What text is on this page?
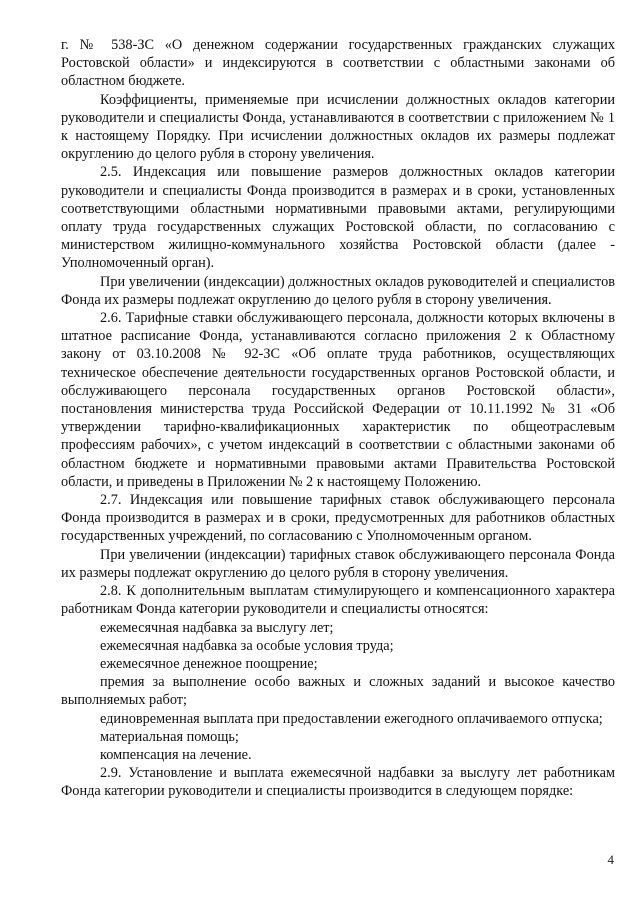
г. № 538-ЗС «О денежном содержании государственных гражданских служащих Ростовской области» и индексируются в соответствии с областными законами об областном бюджете.

Коэффициенты, применяемые при исчислении должностных окладов категории руководители и специалисты Фонда, устанавливаются в соответствии с приложением № 1 к настоящему Порядку. При исчислении должностных окладов их размеры подлежат округлению до целого рубля в сторону увеличения.

2.5. Индексация или повышение размеров должностных окладов категории руководители и специалисты Фонда производится в размерах и в сроки, установленных соответствующими областными нормативными правовыми актами, регулирующими оплату труда государственных служащих Ростовской области, по согласованию с министерством жилищно-коммунального хозяйства Ростовской области (далее - Уполномоченный орган).

При увеличении (индексации) должностных окладов руководителей и специалистов Фонда их размеры подлежат округлению до целого рубля в сторону увеличения.

2.6. Тарифные ставки обслуживающего персонала, должности которых включены в штатное расписание Фонда, устанавливаются согласно приложения 2 к Областному закону от 03.10.2008 № 92-ЗС «Об оплате труда работников, осуществляющих техническое обеспечение деятельности государственных органов Ростовской области, и обслуживающего персонала государственных органов Ростовской области», постановления министерства труда Российской Федерации от 10.11.1992 № 31 «Об утверждении тарифно-квалификационных характеристик по общеотраслевым профессиям рабочих», с учетом индексаций в соответствии с областными законами об областном бюджете и нормативными правовыми актами Правительства Ростовской области, и приведены в Приложении № 2 к настоящему Положению.

2.7. Индексация или повышение тарифных ставок обслуживающего персонала Фонда производится в размерах и в сроки, предусмотренных для работников областных государственных учреждений, по согласованию с Уполномоченным органом.

При увеличении (индексации) тарифных ставок обслуживающего персонала Фонда их размеры подлежат округлению до целого рубля в сторону увеличения.

2.8. К дополнительным выплатам стимулирующего и компенсационного характера работникам Фонда категории руководители и специалисты относятся:

ежемесячная надбавка за выслугу лет;

ежемесячная надбавка за особые условия труда;

ежемесячное денежное поощрение;

премия за выполнение особо важных и сложных заданий и высокое качество выполняемых работ;

единовременная выплата при предоставлении ежегодного оплачиваемого отпуска;

материальная помощь;

компенсация на лечение.

2.9. Установление и выплата ежемесячной надбавки за выслугу лет работникам Фонда категории руководители и специалисты производится в следующем порядке:

4
